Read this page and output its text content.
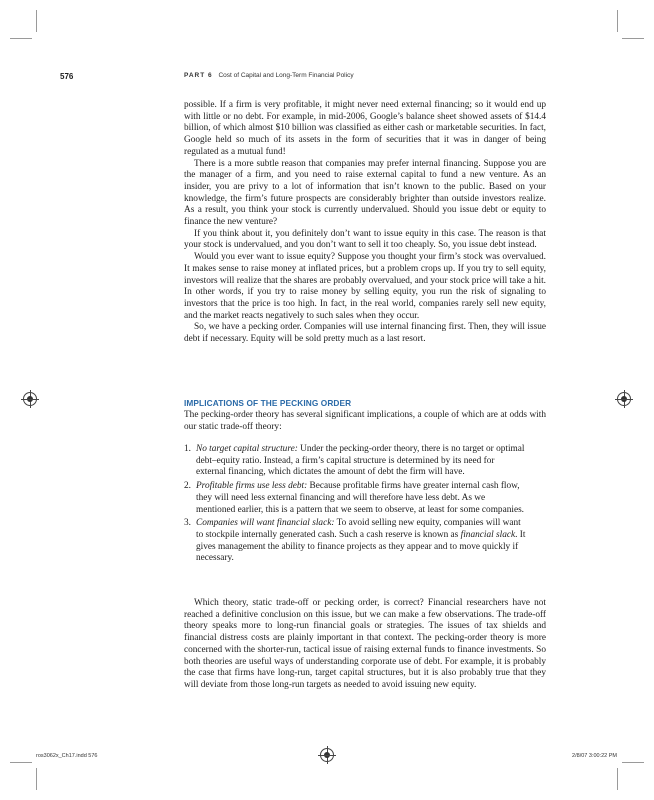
576	PART 6 Cost of Capital and Long-Term Financial Policy

possible. If a firm is very profitable, it might never need external financing; so it would end up with little or no debt. For example, in mid-2006, Google’s balance sheet showed assets of $14.4 billion, of which almost $10 billion was classified as either cash or marketable securities. In fact, Google held so much of its assets in the form of securities that it was in danger of being regulated as a mutual fund!

There is a more subtle reason that companies may prefer internal financing. Suppose you are the manager of a firm, and you need to raise external capital to fund a new venture. As an insider, you are privy to a lot of information that isn’t known to the public. Based on your knowledge, the firm’s future prospects are considerably brighter than outside investors realize. As a result, you think your stock is currently undervalued. Should you issue debt or equity to finance the new venture?

If you think about it, you definitely don’t want to issue equity in this case. The reason is that your stock is undervalued, and you don’t want to sell it too cheaply. So, you issue debt instead.

Would you ever want to issue equity? Suppose you thought your firm’s stock was overvalued. It makes sense to raise money at inflated prices, but a problem crops up. If you try to sell equity, investors will realize that the shares are probably overvalued, and your stock price will take a hit. In other words, if you try to raise money by selling equity, you run the risk of signaling to investors that the price is too high. In fact, in the real world, companies rarely sell new equity, and the market reacts negatively to such sales when they occur.

So, we have a pecking order. Companies will use internal financing first. Then, they will issue debt if necessary. Equity will be sold pretty much as a last resort.

IMPLICATIONS OF THE PECKING ORDER

The pecking-order theory has several significant implications, a couple of which are at odds with our static trade-off theory:

1. No target capital structure: Under the pecking-order theory, there is no target or optimal debt–equity ratio. Instead, a firm’s capital structure is determined by its need for external financing, which dictates the amount of debt the firm will have.
2. Profitable firms use less debt: Because profitable firms have greater internal cash flow, they will need less external financing and will therefore have less debt. As we mentioned earlier, this is a pattern that we seem to observe, at least for some companies.
3. Companies will want financial slack: To avoid selling new equity, companies will want to stockpile internally generated cash. Such a cash reserve is known as financial slack. It gives management the ability to finance projects as they appear and to move quickly if necessary.

Which theory, static trade-off or pecking order, is correct? Financial researchers have not reached a definitive conclusion on this issue, but we can make a few observations. The trade-off theory speaks more to long-run financial goals or strategies. The issues of tax shields and financial distress costs are plainly important in that context. The pecking-order theory is more concerned with the shorter-run, tactical issue of raising external funds to finance investments. So both theories are useful ways of understanding corporate use of debt. For example, it is probably the case that firms have long-run, target capital structures, but it is also probably true that they will deviate from those long-run targets as needed to avoid issuing new equity.

ros3062x_Ch17.indd 576	2/8/07 3:00:22 PM
